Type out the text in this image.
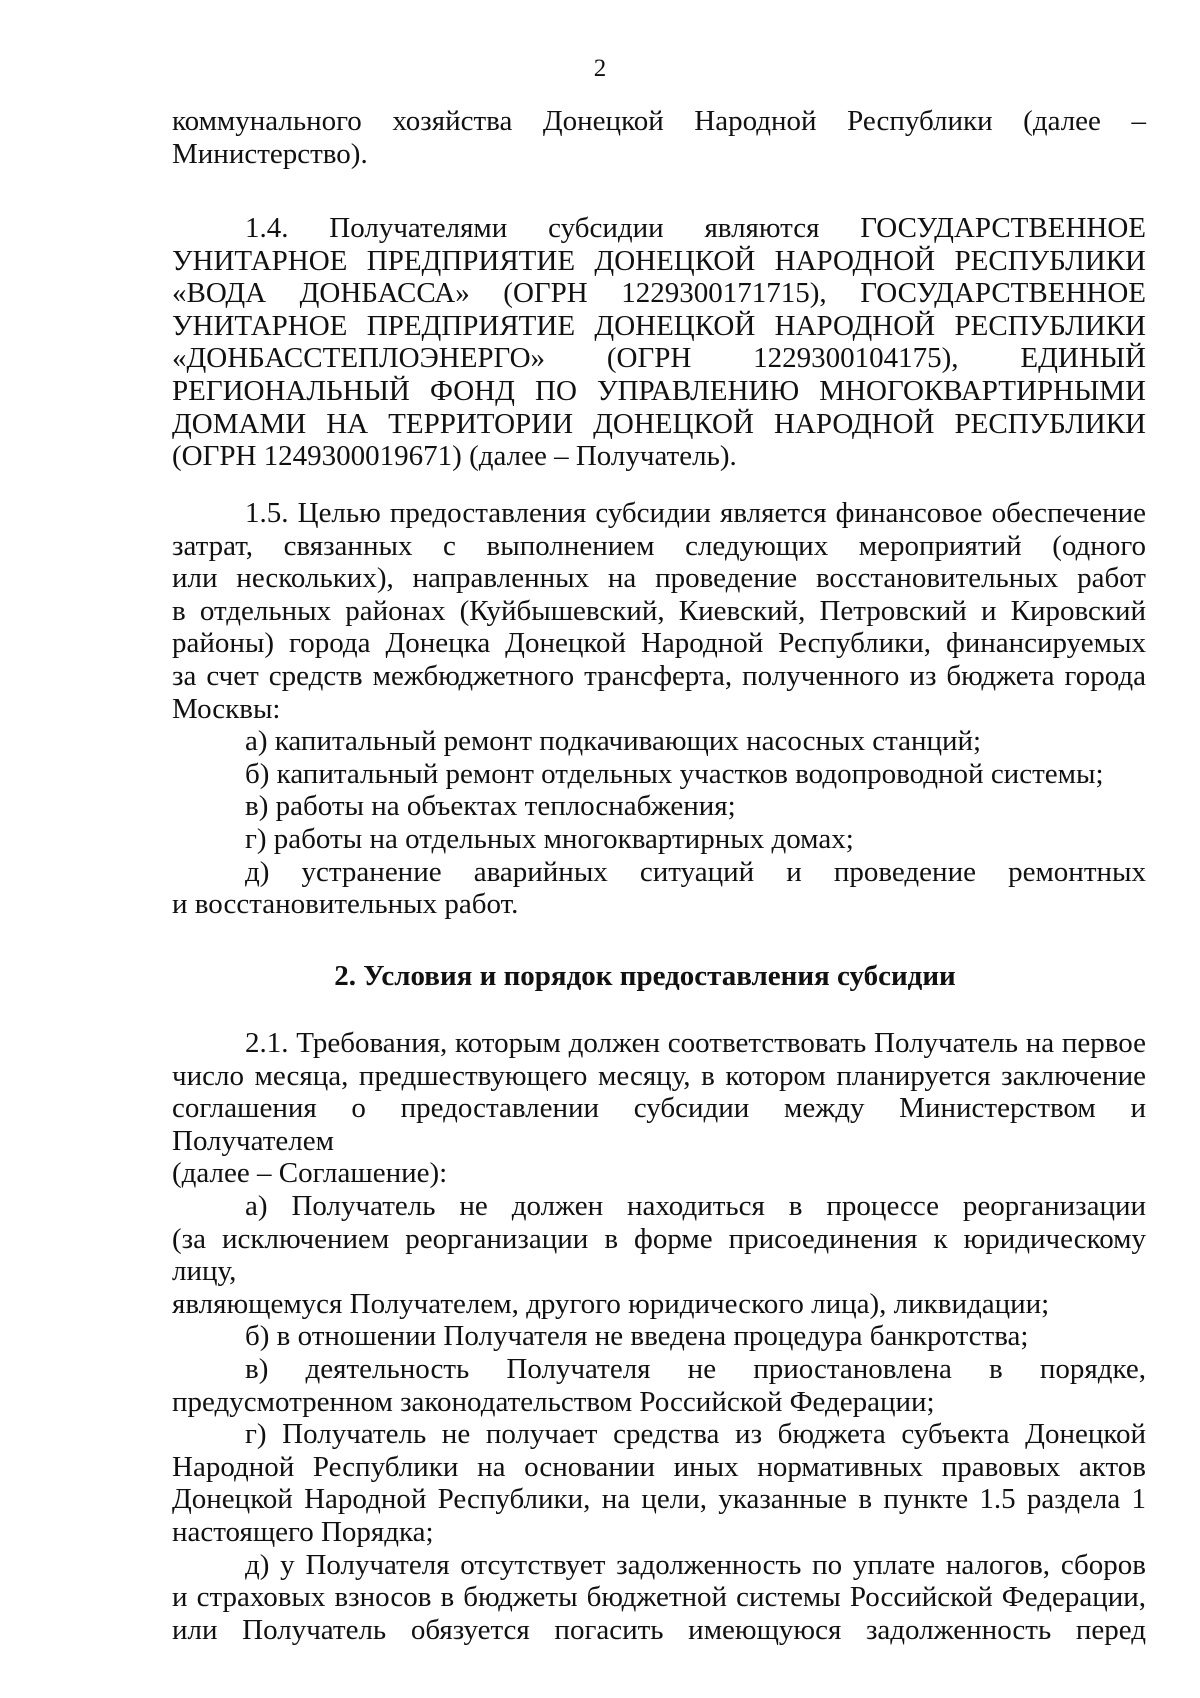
2
коммунального хозяйства Донецкой Народной Республики (далее –
Министерство).
1.4. Получателями субсидии являются ГОСУДАРСТВЕННОЕ
УНИТАРНОЕ ПРЕДПРИЯТИЕ ДОНЕЦКОЙ НАРОДНОЙ РЕСПУБЛИКИ
«ВОДА ДОНБАССА» (ОГРН 1229300171715), ГОСУДАРСТВЕННОЕ
УНИТАРНОЕ ПРЕДПРИЯТИЕ ДОНЕЦКОЙ НАРОДНОЙ РЕСПУБЛИКИ
«ДОНБАССТЕПЛОЭНЕРГО» (ОГРН 1229300104175), ЕДИНЫЙ
РЕГИОНАЛЬНЫЙ ФОНД ПО УПРАВЛЕНИЮ МНОГОКВАРТИРНЫМИ
ДОМАМИ НА ТЕРРИТОРИИ ДОНЕЦКОЙ НАРОДНОЙ РЕСПУБЛИКИ
(ОГРН 1249300019671) (далее – Получатель).
1.5. Целью предоставления субсидии является финансовое обеспечение
затрат, связанных с выполнением следующих мероприятий (одного
или нескольких), направленных на проведение восстановительных работ
в отдельных районах (Куйбышевский, Киевский, Петровский и Кировский
районы) города Донецка Донецкой Народной Республики, финансируемых
за счет средств межбюджетного трансферта, полученного из бюджета города
Москвы:
а) капитальный ремонт подкачивающих насосных станций;
б) капитальный ремонт отдельных участков водопроводной системы;
в) работы на объектах теплоснабжения;
г) работы на отдельных многоквартирных домах;
д) устранение аварийных ситуаций и проведение ремонтных
и восстановительных работ.
2. Условия и порядок предоставления субсидии
2.1. Требования, которым должен соответствовать Получатель на первое
число месяца, предшествующего месяцу, в котором планируется заключение
соглашения о предоставлении субсидии между Министерством и Получателем
(далее – Соглашение):
а) Получатель не должен находиться в процессе реорганизации
(за исключением реорганизации в форме присоединения к юридическому лицу,
являющемуся Получателем, другого юридического лица), ликвидации;
б) в отношении Получателя не введена процедура банкротства;
в) деятельность Получателя не приостановлена в порядке,
предусмотренном законодательством Российской Федерации;
г) Получатель не получает средства из бюджета субъекта Донецкой
Народной Республики на основании иных нормативных правовых актов
Донецкой Народной Республики, на цели, указанные в пункте 1.5 раздела 1
настоящего Порядка;
д) у Получателя отсутствует задолженность по уплате налогов, сборов
и страховых взносов в бюджеты бюджетной системы Российской Федерации,
или Получатель обязуется погасить имеющуюся задолженность перед
